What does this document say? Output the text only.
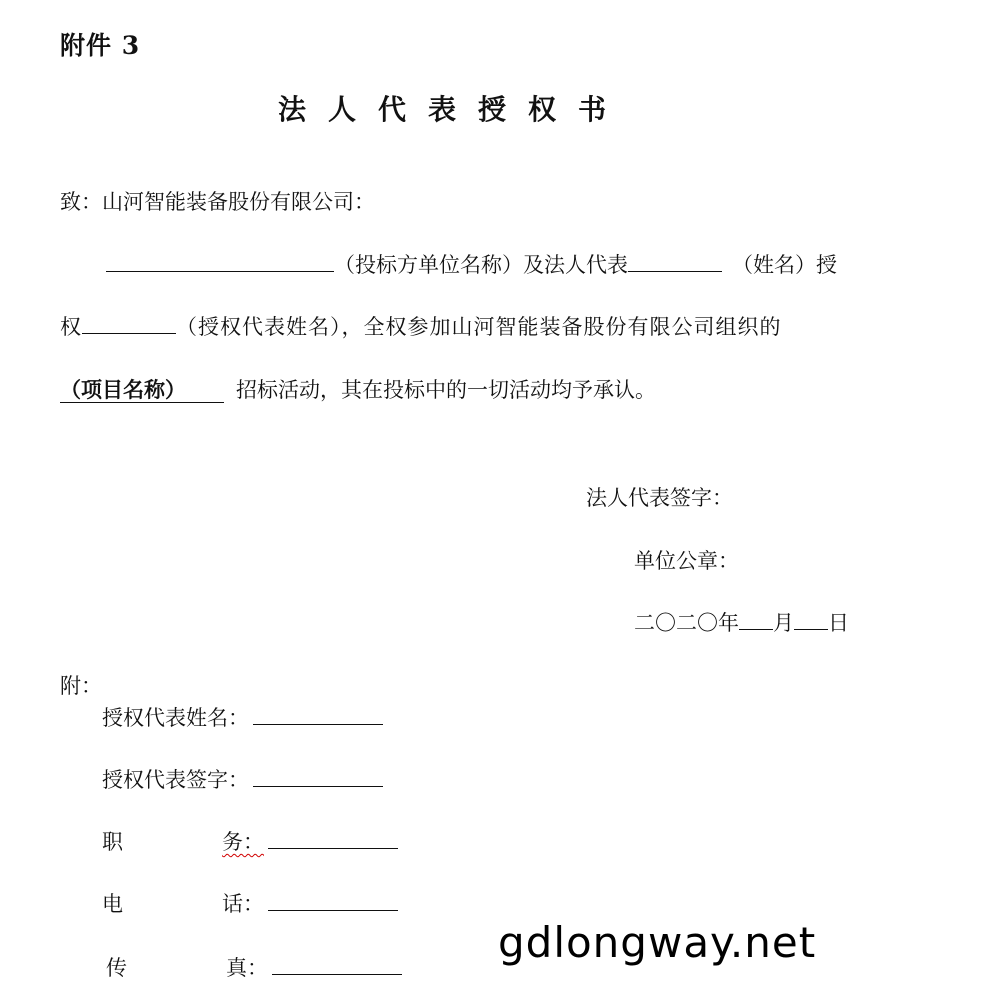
附件 3
法人代表授权书
致：山河智能装备股份有限公司：
（投标方单位名称）及法人代表	（姓名）授
权	（授权代表姓名），全权参加山河智能装备股份有限公司组织的
（项目名称） 招标活动，其在投标中的一切活动均予承认。
法人代表签字：
单位公章：
二〇二〇年 月 日
附：
授权代表姓名：
授权代表签字：
职	务：
电	话：
传	真：
gdlongway.net
